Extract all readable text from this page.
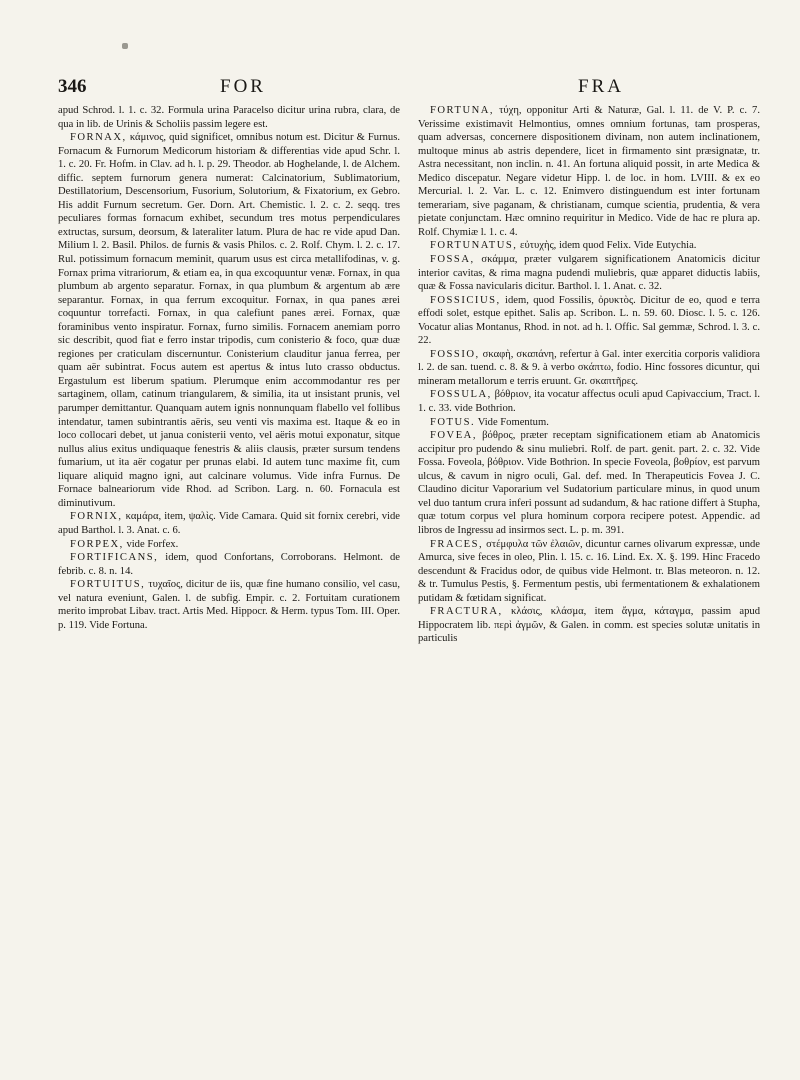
346	FOR	FRA

apud Schrod. l. 1. c. 32. Formula urina Paracelso dicitur urina rubra, clara, de qua in lib. de Urinis & Scholiis passim legere est.

FORNAX, κάμινος, quid significet, omnibus notum est. Dicitur & Furnus. Fornacum & Furnorum Medicorum historiam & differentias vide apud Schr. l. 1. c. 20. Fr. Hofm. in Clav. ad h. l. p. 29. Theodor. ab Hoghelande, l. de Alchem. diffic. septem furnorum genera numerat: Calcinatorium, Sublimatorium, Destillatorium, Descensorium, Fusorium, Solutorium, & Fixatorium, ex Gebro. His addit Furnum secretum. Ger. Dorn. Art. Chemistic. l. 2. c. 2. seqq. tres peculiares formas fornacum exhibet, secundum tres motus perpendiculares extructas, sursum, deorsum, & lateraliter latum. Plura de hac re vide apud Dan. Milium l. 2. Basil. Philos. de furnis & vasis Philos. c. 2. Rolf. Chym. l. 2. c. 17. Rul. potissimum fornacum meminit, quarum usus est circa metallifodinas, v. g. Fornax prima vitrariorum, & etiam ea, in qua excoquuntur venæ. Fornax, in qua plumbum ab argento separatur. Fornax, in qua plumbum & argentum ab ære separantur. Fornax, in qua ferrum excoquitur. Fornax, in qua panes ærei coquuntur torrefacti. Fornax, in qua calefiunt panes ærei. Fornax, quæ foraminibus vento inspiratur. Fornax, furno similis. Fornacem anemiam porro sic describit, quod fiat e ferro instar tripodis, cum conisterio & foco, quæ duæ regiones per craticulam discernuntur. Conisterium clauditur janua ferrea, per quam aër subintrat. Focus autem est apertus & intus luto crasso obductus. Ergastulum est liberum spatium. Plerumque enim accommodantur res per sartaginem, ollam, catinum triangularem, & similia, ita ut insistant prunis, vel parumper demittantur. Quanquam autem ignis nonnunquam flabello vel follibus intendatur, tamen subintrantis aëris, seu venti vis maxima est. Itaque & eo in loco collocari debet, ut janua conisterii vento, vel aëris motui exponatur, sitque nullus alius exitus undiquaque fenestris & aliis clausis, præter sursum tendens fumarium, ut ita aër cogatur per prunas elabi. Id autem tunc maxime fit, cum liquare aliquid magno igni, aut calcinare volumus. Vide infra Furnus. De Fornace balneariorum vide Rhod. ad Scribon. Larg. n. 60. Fornacula est diminutivum.

FORNIX, καμάρα, item, ψαλὶς. Vide Camara. Quid sit fornix cerebri, vide apud Barthol. l. 3. Anat. c. 6.

FORPEX, vide Forfex.

FORTIFICANS, idem, quod Confortans, Corroborans. Helmont. de febrib. c. 8. n. 14.

FORTUITUS, τυχαῖος, dicitur de iis, quæ fine humano consilio, vel casu, vel natura eveniunt, Galen. l. de subfig. Empir. c. 2. Fortuitam curationem merito improbat Libav. tract. Artis Med. Hippocr. & Herm. typus Tom. III. Oper. p. 119. Vide Fortuna.

FORTUNA, τύχη, opponitur Arti & Naturæ, Gal. l. 11. de V. P. c. 7. Verissime existimavit Helmontius, omnes omnium fortunas, tam prosperas, quam adversas, concernere dispositionem divinam, non autem inclinationem, multoque minus ab astris dependere, licet in firmamento sint præsignatæ, tr. Astra necessitant, non inclin. n. 41. An fortuna aliquid possit, in arte Medica & Medico discepatur. Negare videtur Hipp. l. de loc. in hom. LVIII. & ex eo Mercurial. l. 2. Var. L. c. 12. Enimvero distinguendum est inter fortunam temerariam, sive paganam, & christianam, cumque scientia, prudentia, & vera pietate conjunctam. Hæc omnino requiritur in Medico. Vide de hac re plura ap. Rolf. Chymiæ l. 1. c. 4.

FORTUNATUS, εὐτυχὴς, idem quod Felix. Vide Eutychia.

FOSSA, σκάμμα, præter vulgarem significationem Anatomicis dicitur interior cavitas, & rima magna pudendi muliebris, quæ apparet diductis labiis, quæ & Fossa navicularis dicitur. Barthol. l. 1. Anat. c. 32.

FOSSICIUS, idem, quod Fossilis, ὀρυκτὸς. Dicitur de eo, quod e terra effodi solet, estque epithet. Salis ap. Scribon. L. n. 59. 60. Diosc. l. 5. c. 126. Vocatur alias Montanus, Rhod. in not. ad h. l. Offic. Sal gemmæ, Schrod. l. 3. c. 22.

FOSSIO, σκαφὴ, σκαπάνη, refertur à Gal. inter exercitia corporis validiora l. 2. de san. tuend. c. 8. & 9. à verbo σκάπτω, fodio. Hinc fossores dicuntur, qui mineram metallorum e terris eruunt. Gr. σκαπτῆρες.

FOSSULA, βόθριον, ita vocatur affectus oculi apud Capivaccium, Tract. l. 1. c. 33. vide Bothrion.

FOTUS. Vide Fomentum.

FOVEA, βόθρος, præter receptam significationem etiam ab Anatomicis accipitur pro pudendo & sinu muliebri. Rolf. de part. genit. part. 2. c. 32. Vide Fossa. Foveola, βόθριον. Vide Bothrion. In specie Foveola, βοθρίον, est parvum ulcus, & cavum in nigro oculi, Gal. def. med. In Therapeuticis Fovea J. C. Claudino dicitur Vaporarium vel Sudatorium particulare minus, in quod unum vel duo tantum crura inferi possunt ad sudandum, & hac ratione differt à Stupha, quæ totum corpus vel plura hominum corpora recipere potest. Appendic. ad libros de Ingressu ad insirmos sect. L. p. m. 391.

FRACES, στέμφυλα τῶν ἐλαιῶν, dicuntur carnes olivarum expressæ, unde Amurca, sive feces in oleo, Plin. l. 15. c. 16. Lind. Ex. X. §. 199. Hinc Fracedo descendunt & Fracidus odor, de quibus vide Helmont. tr. Blas meteoron. n. 12. & tr. Tumulus Pestis, §. Fermentum pestis, ubi fermentationem & exhalationem putidam & fœtidam significat.

FRACTURA, κλάσις, κλάσμα, item ἄγμα, κάταγμα, passim apud Hippocratem lib. περὶ ἀγμῶν, & Galen. in comm. est species solutæ unitatis in particulis
